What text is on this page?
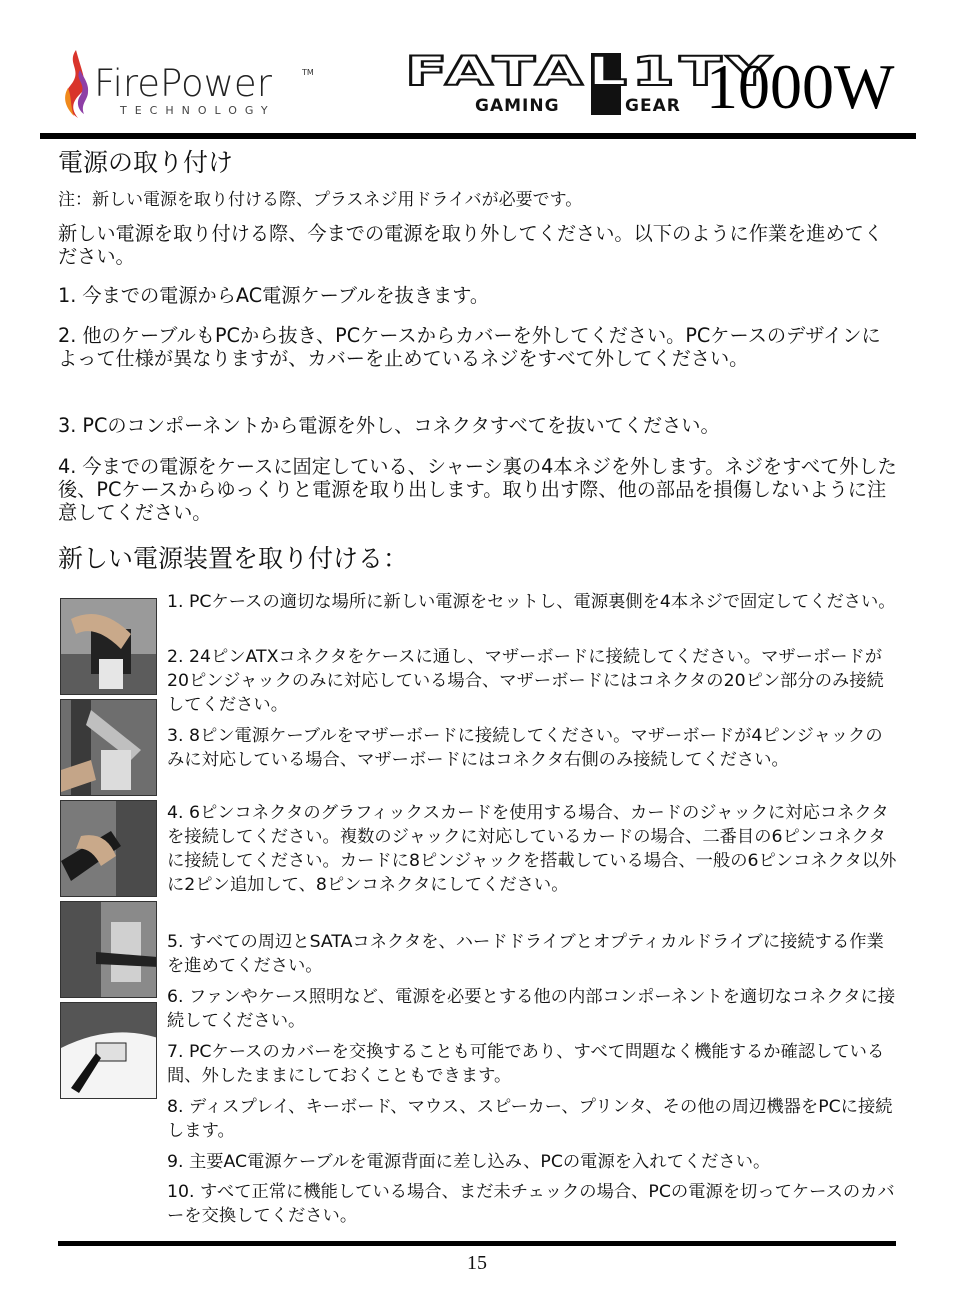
FirePower	TM
TECHNOLOGY
FATAL1TY
GAMING	GEAR 1000W
電源の取り付け
注：新しい電源を取り付ける際、プラスネジ用ドライバが必要です。
新しい電源を取り付ける際、今までの電源を取り外してください。以下のように作業を進めてください。
1. 今までの電源からAC電源ケーブルを抜きます。
2. 他のケーブルもPCから抜き、PCケースからカバーを外してください。PCケースのデザインによって仕様が異なりますが、カバーを止めているネジをすべて外してください。
3. PCのコンポーネントから電源を外し、コネクタすべてを抜いてください。
4. 今までの電源をケースに固定している、シャーシ裏の4本ネジを外します。ネジをすべて外した後、PCケースからゆっくりと電源を取り出します。取り出す際、他の部品を損傷しないように注意してください。
新しい電源装置を取り付ける：
1. PCケースの適切な場所に新しい電源をセットし、電源裏側を4本ネジで固定してください。
2. 24ピンATXコネクタをケースに通し、マザーボードに接続してください。マザーボードが20ピンジャックのみに対応している場合、マザーボードにはコネクタの20ピン部分のみ接続してください。
3. 8ピン電源ケーブルをマザーボードに接続してください。マザーボードが4ピンジャックのみに対応している場合、マザーボードにはコネクタ右側のみ接続してください。
4. 6ピンコネクタのグラフィックスカードを使用する場合、カードのジャックに対応コネクタを接続してください。複数のジャックに対応しているカードの場合、二番目の6ピンコネクタに接続してください。カードに8ピンジャックを搭載している場合、一般の6ピンコネクタ以外に2ピン追加して、8ピンコネクタにしてください。
5. すべての周辺とSATAコネクタを、ハードドライブとオプティカルドライブに接続する作業を進めてください。
6. ファンやケース照明など、電源を必要とする他の内部コンポーネントを適切なコネクタに接続してください。
7. PCケースのカバーを交換することも可能であり、すべて問題なく機能するか確認している間、外したままにしておくこともできます。
8. ディスプレイ、キーボード、マウス、スピーカー、プリンタ、その他の周辺機器をPCに接続します。
9. 主要AC電源ケーブルを電源背面に差し込み、PCの電源を入れてください。
10. すべて正常に機能している場合、まだ未チェックの場合、PCの電源を切ってケースのカバーを交換してください。
15
